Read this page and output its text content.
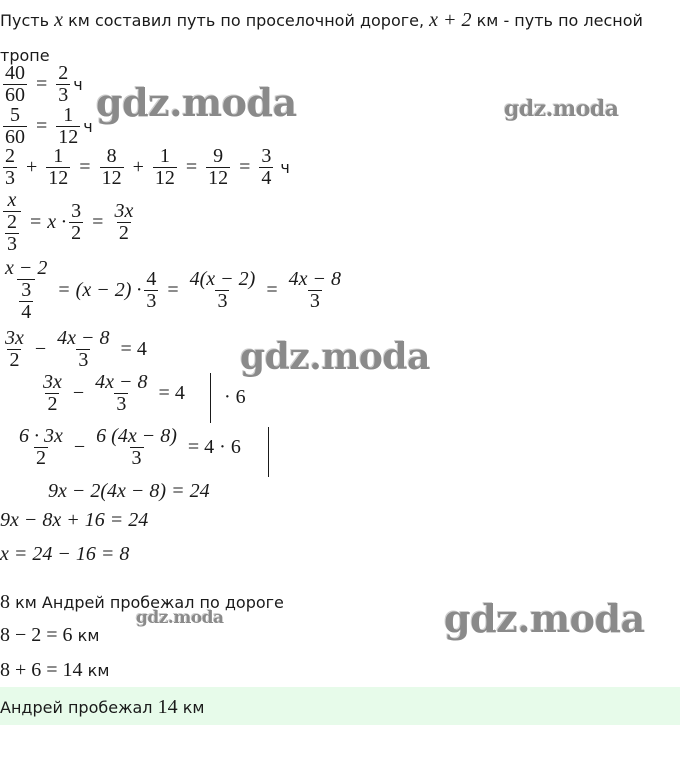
Пусть x км составил путь по проселочной дороге, x + 2 км - путь по лесной
тропе
$\frac{40}{60} = \frac{2}{3}$ ч
$\frac{5}{60} = \frac{1}{12}$ ч
$\frac{2}{3} + \frac{1}{12} = \frac{8}{12} + \frac{1}{12} = \frac{9}{12} = \frac{3}{4}$ ч
$\frac{x}{\frac{2}{3}} = x \cdot \frac{3}{2} = \frac{3x}{2}$
$\frac{x - 2}{\frac{3}{4}} = (x - 2) \cdot \frac{4}{3} = \frac{4(x - 2)}{3} = \frac{4x - 8}{3}$
$\frac{3x}{2} - \frac{4x - 8}{3} = 4$
$\frac{3x}{2} - \frac{4x - 8}{3} = 4 \cdot 6$
$\frac{6 \cdot 3x}{2} - \frac{6 (4x - 8)}{3} = 4 \cdot 6$
9x − 2(4x − 8) = 24
9x − 8x + 16 = 24
x = 24 − 16 = 8
8 км Андрей пробежал по дороге
8 − 2 = 6 км
8 + 6 = 14 км
Андрей пробежал 14 км
gdz.moda	gdz.moda
gdz.moda
gdz.moda
gdz.moda
